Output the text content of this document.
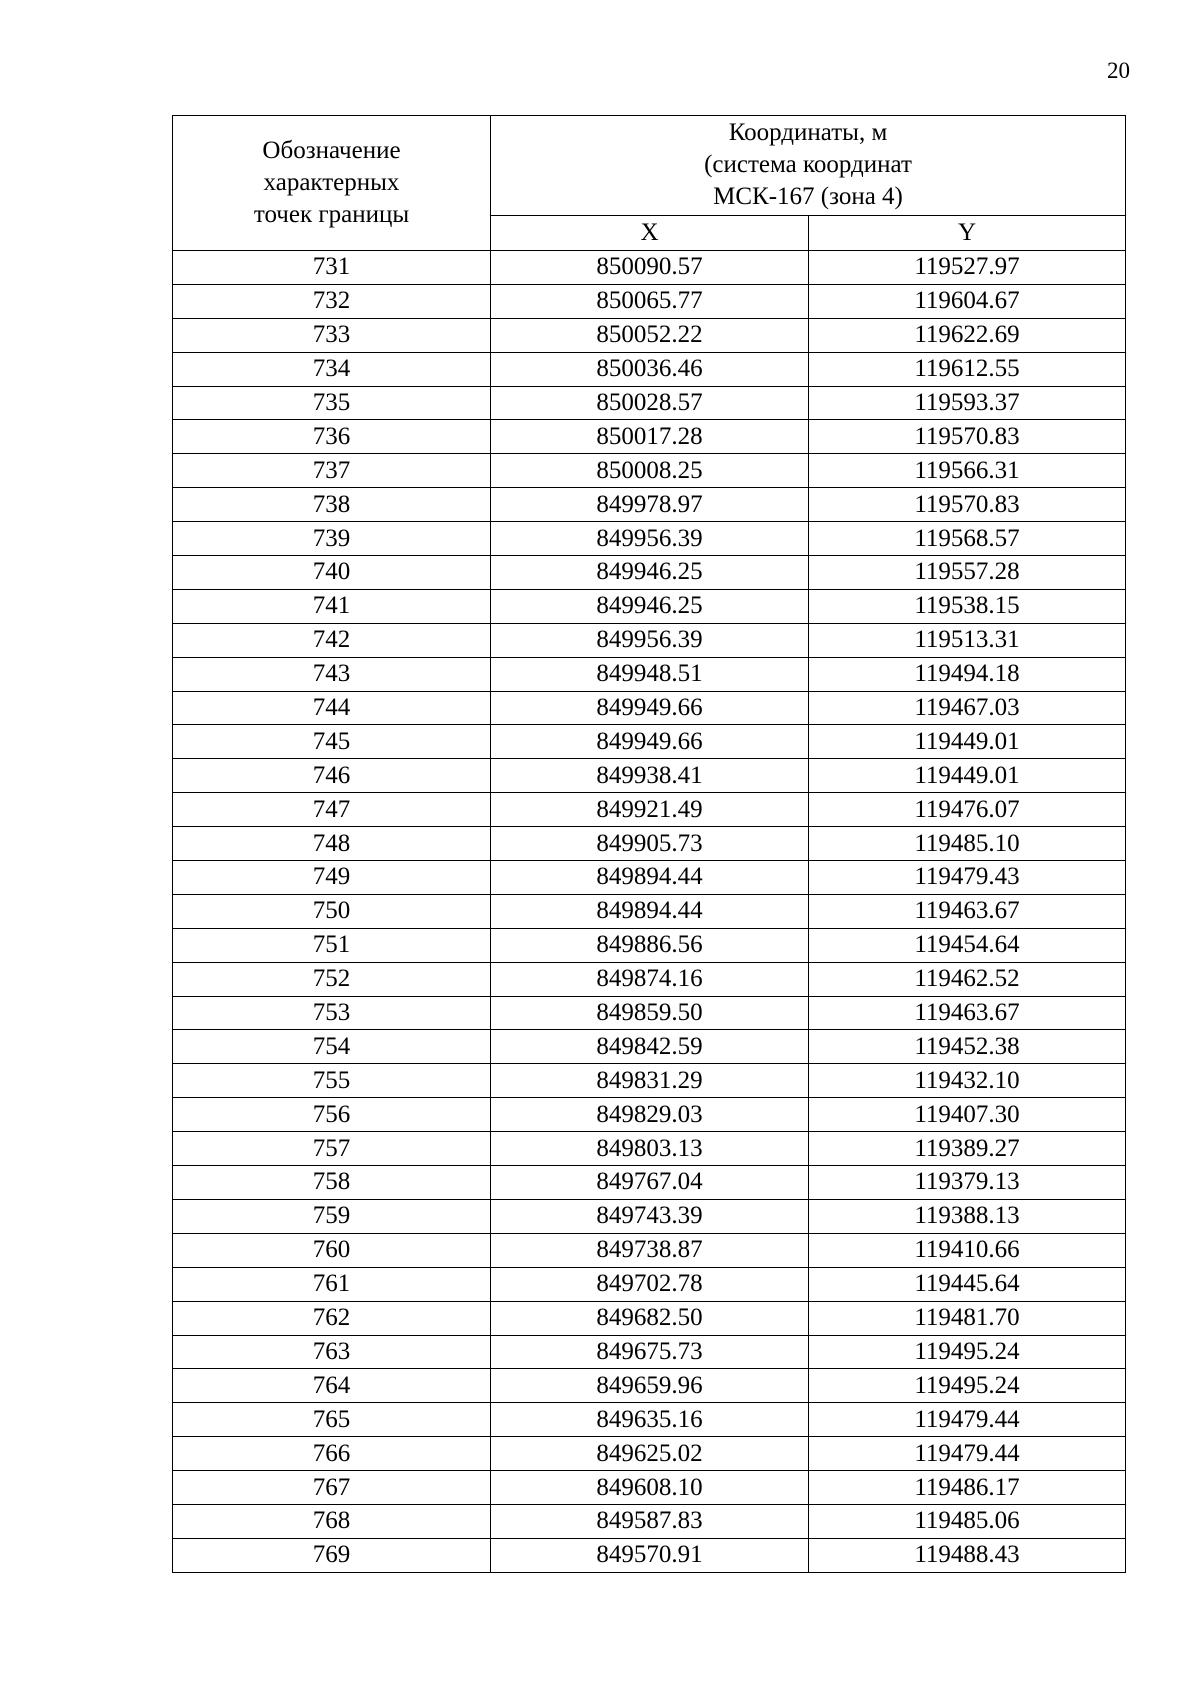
20
Обозначение
характерных
точек границы	Координаты, м
(система координат
МСК-167 (зона 4)	

	X	Y
731	850090.57	119527.97
732	850065.77	119604.67
733	850052.22	119622.69
734	850036.46	119612.55
735	850028.57	119593.37
736	850017.28	119570.83
737	850008.25	119566.31
738	849978.97	119570.83
739	849956.39	119568.57
740	849946.25	119557.28
741	849946.25	119538.15
742	849956.39	119513.31
743	849948.51	119494.18
744	849949.66	119467.03
745	849949.66	119449.01
746	849938.41	119449.01
747	849921.49	119476.07
748	849905.73	119485.10
749	849894.44	119479.43
750	849894.44	119463.67
751	849886.56	119454.64
752	849874.16	119462.52
753	849859.50	119463.67
754	849842.59	119452.38
755	849831.29	119432.10
756	849829.03	119407.30
757	849803.13	119389.27
758	849767.04	119379.13
759	849743.39	119388.13
760	849738.87	119410.66
761	849702.78	119445.64
762	849682.50	119481.70
763	849675.73	119495.24
764	849659.96	119495.24
765	849635.16	119479.44
766	849625.02	119479.44
767	849608.10	119486.17
768	849587.83	119485.06
769	849570.91	119488.43
